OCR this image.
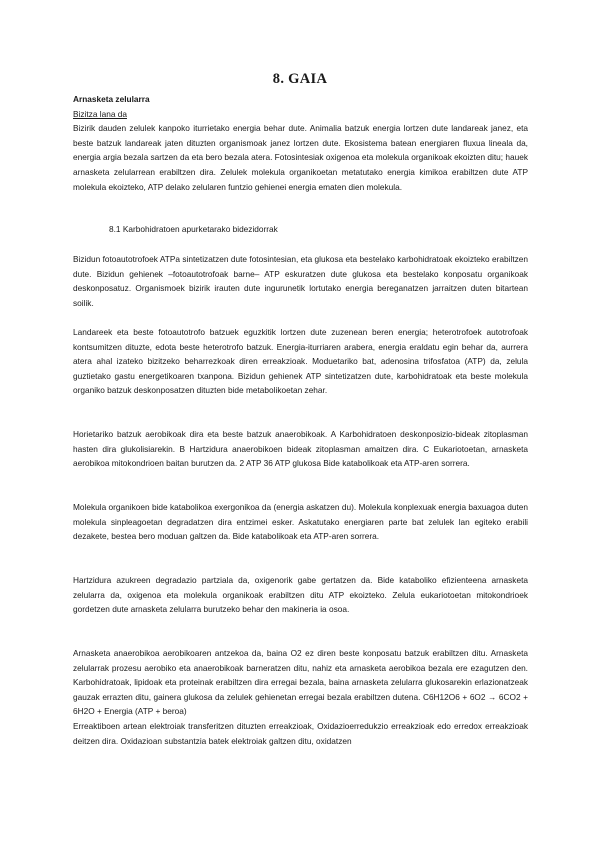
8. GAIA

Arnasketa zelularra

Bizitza lana da

Bizirik dauden zelulek kanpoko iturrietako energia behar dute. Animalia batzuk energia lortzen dute landareak janez, eta beste batzuk landareak jaten dituzten organismoak janez lortzen dute. Ekosistema batean energiaren fluxua lineala da, energia argia bezala sartzen da eta bero bezala atera. Fotosintesiak oxigenoa eta molekula organikoak ekoizten ditu; hauek arnasketa zelularrean erabiltzen dira. Zelulek molekula organikoetan metatutako energia kimikoa erabiltzen dute ATP molekula ekoizteko, ATP delako zelularen funtzio gehienei energia ematen dien molekula.

8.1 Karbohidratoen apurketarako bidezidorrak

Bizidun fotoautotrofoek ATPa sintetizatzen dute fotosintesian, eta glukosa eta bestelako karbohidratoak ekoizteko erabiltzen dute. Bizidun gehienek –fotoautotrofoak barne– ATP eskuratzen dute glukosa eta bestelako konposatu organikoak deskonposatuz. Organismoek bizirik irauten dute ingurunetik lortutako energia bereganatzen jarraitzen duten bitartean soilik.

Landareek eta beste fotoautotrofo batzuek eguzkitik lortzen dute zuzenean beren energia; heterotrofoek autotrofoak kontsumitzen dituzte, edota beste heterotrofo batzuk. Energia-iturriaren arabera, energia eraldatu egin behar da, aurrera atera ahal izateko bizitzeko beharrezkoak diren erreakzioak. Moduetariko bat, adenosina trifosfatoa (ATP) da, zelula guztietako gastu energetikoaren txanpona. Bizidun gehienek ATP sintetizatzen dute, karbohidratoak eta beste molekula organiko batzuk deskonposatzen dituzten bide metabolikoetan zehar.

Horietariko batzuk aerobikoak dira eta beste batzuk anaerobikoak. A Karbohidratoen deskonposizio-bideak zitoplasman hasten dira glukolisiarekin. B Hartzidura anaerobikoen bideak zitoplasman amaitzen dira. C Eukariotoetan, arnasketa aerobikoa mitokondrioen baitan burutzen da. 2 ATP 36 ATP glukosa Bide katabolikoak eta ATP-aren sorrera.

Molekula organikoen bide katabolikoa exergonikoa da (energia askatzen du). Molekula konplexuak energia baxuagoa duten molekula sinpleagoetan degradatzen dira entzimei esker. Askatutako energiaren parte bat zelulek lan egiteko erabili dezakete, bestea bero moduan galtzen da. Bide katabolikoak eta ATP-aren sorrera.

Hartzidura azukreen degradazio partziala da, oxigenorik gabe gertatzen da. Bide kataboliko efizienteena arnasketa zelularra da, oxigenoa eta molekula organikoak erabiltzen ditu ATP ekoizteko. Zelula eukariotoetan mitokondrioek gordetzen dute arnasketa zelularra burutzeko behar den makineria ia osoa.

Arnasketa anaerobikoa aerobikoaren antzekoa da, baina O2 ez diren beste konposatu batzuk erabiltzen ditu. Arnasketa zelularrak prozesu aerobiko eta anaerobikoak barneratzen ditu, nahiz eta arnasketa aerobikoa bezala ere ezagutzen den. Karbohidratoak, lipidoak eta proteinak erabiltzen dira erregai bezala, baina arnasketa zelularra glukosarekin erlazionatzeak gauzak errazten ditu, gainera glukosa da zelulek gehienetan erregai bezala erabiltzen dutena. C6H12O6 + 6O2 → 6CO2 + 6H2O + Energia (ATP + beroa)

Erreaktiboen artean elektroiak transferitzen dituzten erreakzioak, Oxidazioerredukzio erreakzioak edo erredox erreakzioak deitzen dira. Oxidazioan substantzia batek elektroiak galtzen ditu, oxidatzen
